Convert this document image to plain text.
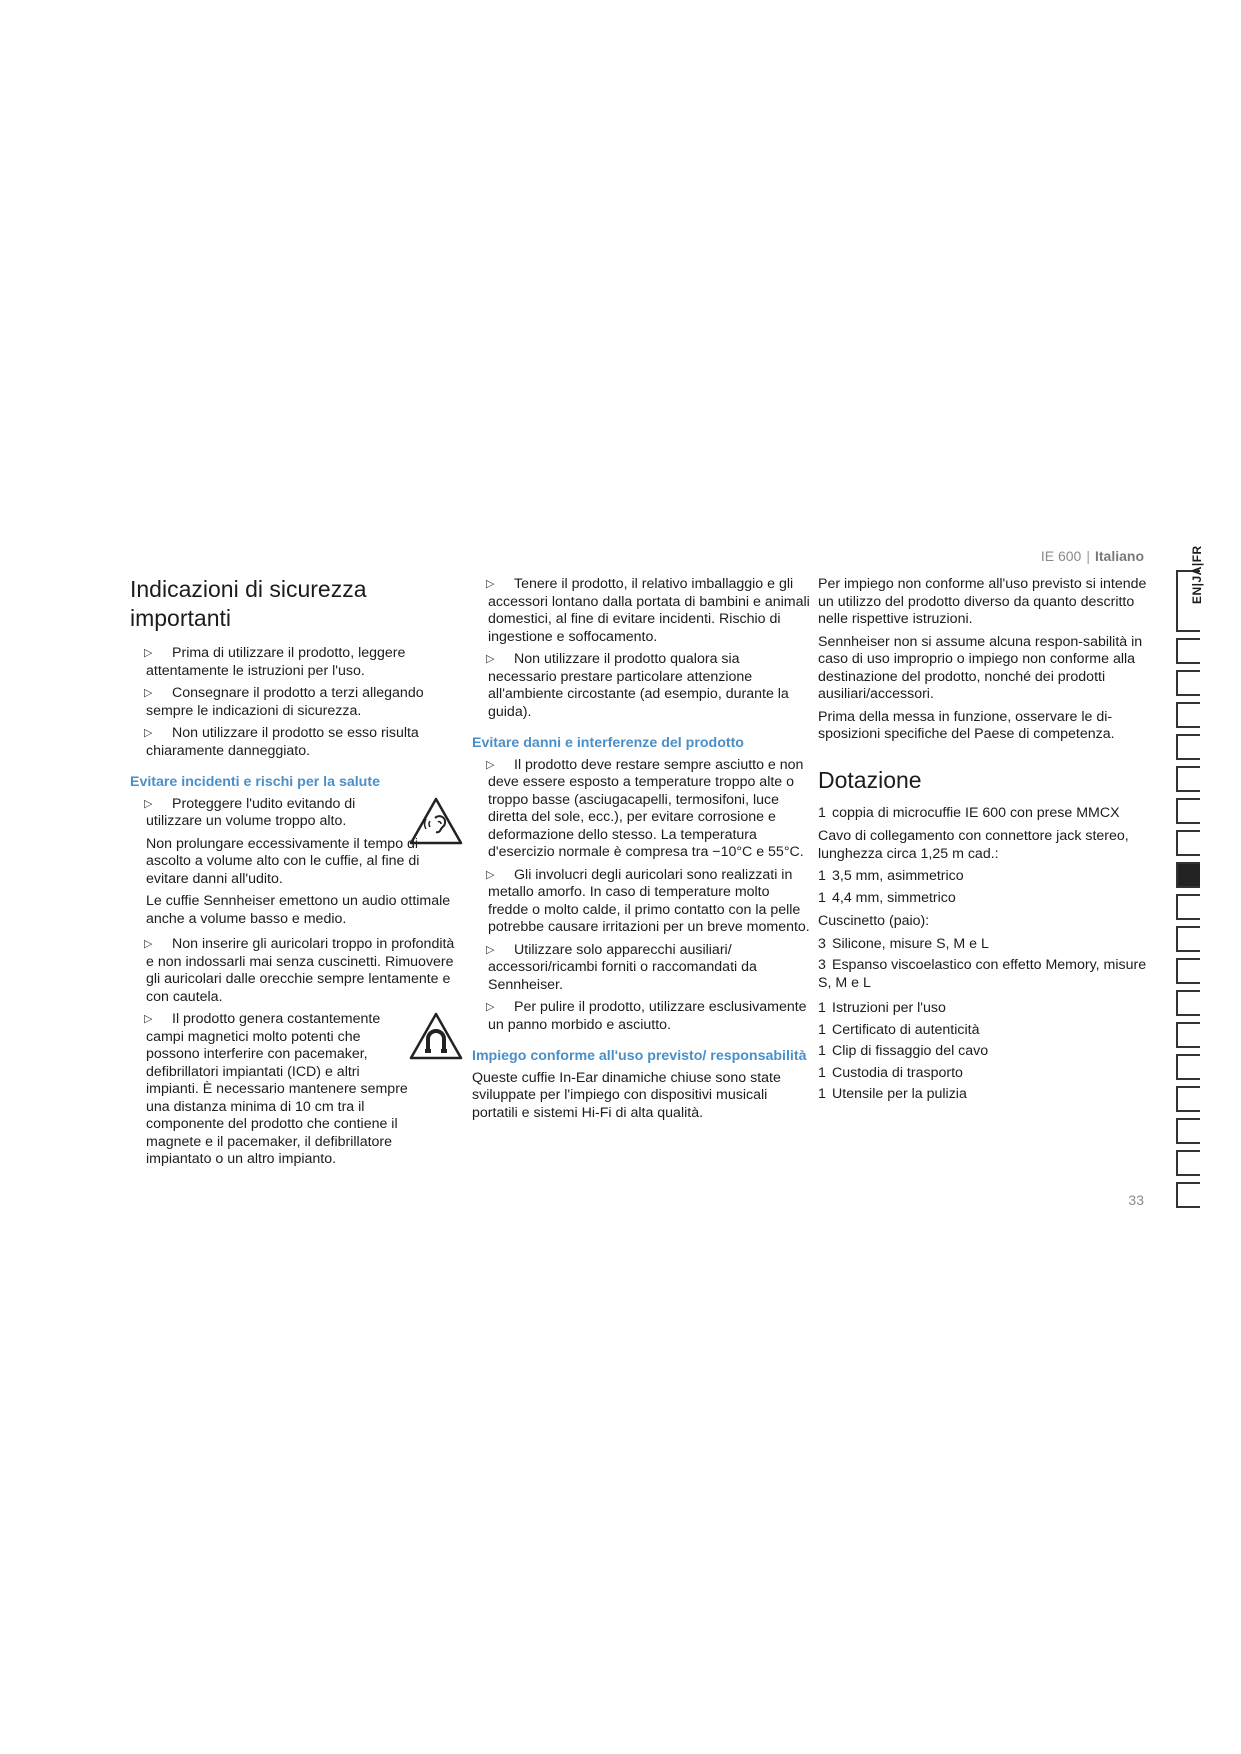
IE 600 | Italiano
Indicazioni di sicurezza importanti
▷	Prima di utilizzare il prodotto, leggere attentamente le istruzioni per l'uso.
▷	Consegnare il prodotto a terzi allegando sempre le indicazioni di sicurezza.
▷	Non utilizzare il prodotto se esso risulta chiaramente danneggiato.
Evitare incidenti e rischi per la salute
▷	Proteggere l'udito evitando di utilizzare un volume troppo alto.

Non prolungare eccessivamente il tempo di ascolto a volume alto con le cuffie, al fine di evitare danni all'udito.

Le cuffie Sennheiser emettono un audio ottimale anche a volume basso e medio.

▷	Non inserire gli auricolari troppo in profondità e non indossarli mai senza cuscinetti. Rimuovere gli auricolari dalle orecchie sempre lentamente e con cautela.
▷	Il prodotto genera costantemente campi magnetici molto potenti che possono interferire con pacemaker, defibrillatori impiantati (ICD) e altri impianti. È necessario mantenere sempre una distanza minima di 10 cm tra il componente del prodotto che contiene il magnete e il pacemaker, il defibrillatore impiantato o un altro impianto.
▷	Tenere il prodotto, il relativo imballaggio e gli accessori lontano dalla portata di bambini e animali domestici, al fine di evitare incidenti. Rischio di ingestione e soffocamento.
▷	Non utilizzare il prodotto qualora sia necessario prestare particolare attenzione all'ambiente circostante (ad esempio, durante la guida).
Evitare danni e interferenze del prodotto
▷	Il prodotto deve restare sempre asciutto e non deve essere esposto a temperature troppo alte o troppo basse (asciugacapelli, termosifoni, luce diretta del sole, ecc.), per evitare corrosione e deformazione dello stesso. La temperatura d'esercizio normale è compresa tra −10°C e 55°C.
▷	Gli involucri degli auricolari sono realizzati in metallo amorfo. In caso di temperature molto fredde o molto calde, il primo contatto con la pelle potrebbe causare irritazioni per un breve momento.
▷	Utilizzare solo apparecchi ausiliari/ accessori/ricambi forniti o raccomandati da Sennheiser.
▷	Per pulire il prodotto, utilizzare esclusivamente un panno morbido e asciutto.
Impiego conforme all'uso previsto/ responsabilità

Queste cuffie In-Ear dinamiche chiuse sono state sviluppate per l'impiego con dispositivi musicali portatili e sistemi Hi-Fi di alta qualità.

Per impiego non conforme all'uso previsto si intende un utilizzo del prodotto diverso da quanto descritto nelle rispettive istruzioni.

Sennheiser non si assume alcuna respon-sabilità in caso di uso improprio o impiego non conforme alla destinazione del prodotto, nonché dei prodotti ausiliari/accessori.

Prima della messa in funzione, osservare le di-sposizioni specifiche del Paese di competenza.

Dotazione
1 coppia di microcuffie IE 600 con prese MMCX

Cavo di collegamento con connettore jack stereo, lunghezza circa 1,25 m cad.:

1 3,5 mm, asimmetrico
1 4,4 mm, simmetrico

Cuscinetto (paio):

3 Silicone, misure S, M e L
3 Espanso viscoelastico con effetto Memory, misure S, M e L
1 Istruzioni per l'uso
1 Certificato di autenticità
1 Clip di fissaggio del cavo
1 Custodia di trasporto
1 Utensile per la pulizia
EN|JA|FR
33
